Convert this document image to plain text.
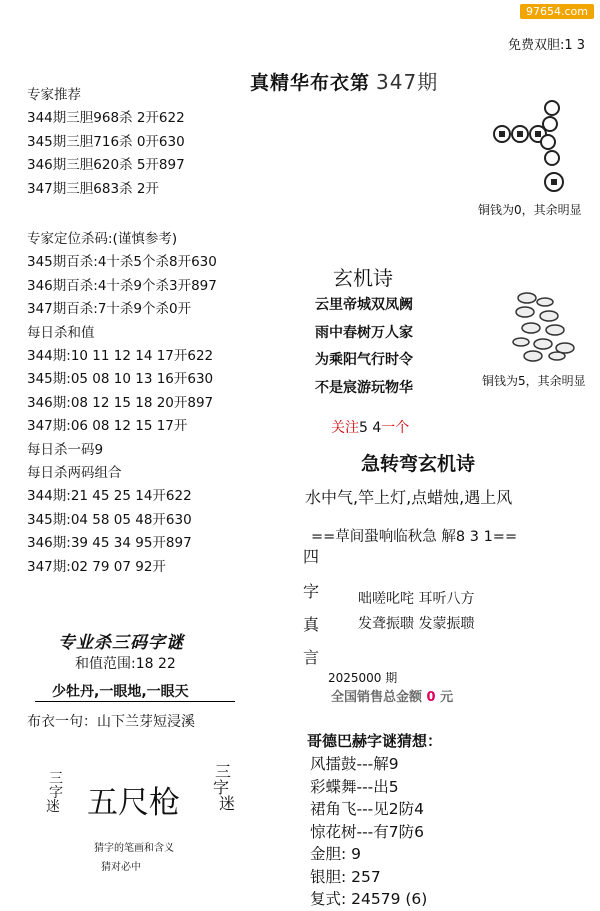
97654.com
免费双胆:1 3
真精华布衣第 347期
专家推荐
344期三胆968杀 2开622
345期三胆716杀 0开630
346期三胆620杀 5开897
347期三胆683杀 2开
专家定位杀码:(谨慎参考)
345期百杀:4十杀5个杀8开630
346期百杀:4十杀9个杀3开897
347期百杀:7十杀9个杀0开
每日杀和值
344期:10 11 12 14 17开622
345期:05 08 10 13 16开630
346期:08 12 15 18 20开897
347期:06 08 12 15 17开
每日杀一码9
每日杀两码组合
344期:21 45 25 14开622
345期:04 58 05 48开630
346期:39 45 34 95开897
347期:02 79 07 92开
铜钱为0，其余明显
铜钱为5，其余明显
玄机诗
云里帝城双凤阙
雨中春树万人家
为乘阳气行时令
不是宸游玩物华
关注5 4一个
急转弯玄机诗
水中气,竿上灯,点蜡烛,遇上风
==草间蛩响临秋急 解8 3 1==
四
字
真
言
咄嗟叱咤 耳听八方
发聋振聩 发蒙振聩
2025000 期
全国销售总金额 0 元
专业杀三码字谜
和值范围:18 22
少牡丹,一眼地,一眼天
布衣一句：山下兰芽短浸溪
三
字
迷 五尺枪
三
字
迷
猜字的笔画和含义
猜对必中
哥德巴赫字谜猜想：
风擂鼓---解9
彩蝶舞---出5
裙角飞---见2防4
惊花树---有7防6
金胆: 9
银胆: 257
复式: 24579 (6)
